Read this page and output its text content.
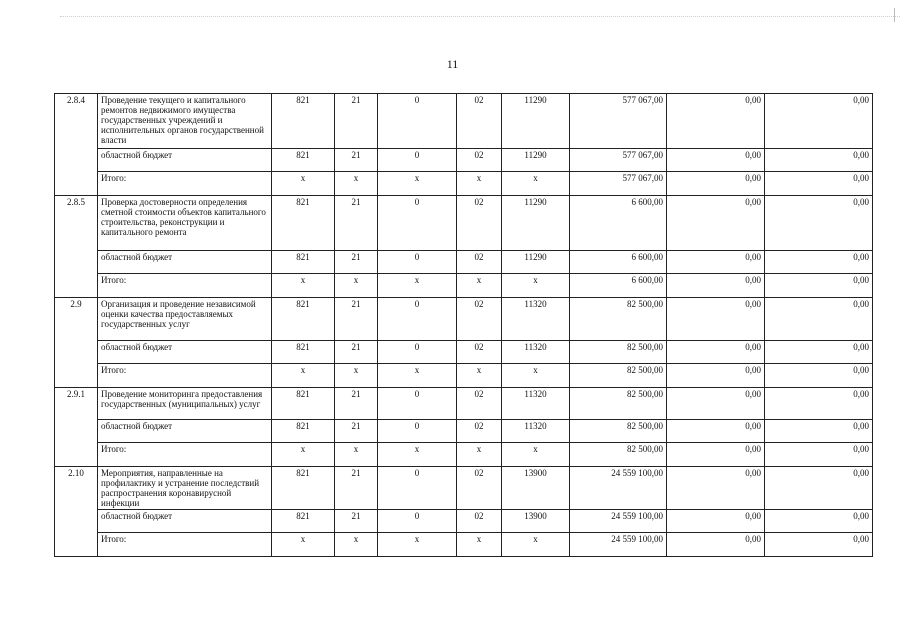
11
2.8.4	Проведение текущего и капитального ремонтов недвижимого имущества государственных учреждений и исполнительных органов государственной власти	821	21	0	02	11290	577 067,00	0,00	0,00
	областной бюджет	821	21	0	02	11290	577 067,00	0,00	0,00
	Итого:	х	х	х	х	х	577 067,00	0,00	0,00
2.8.5	Проверка достоверности определения сметной стоимости объектов капитального строительства, реконструкции и капитального ремонта	821	21	0	02	11290	6 600,00	0,00	0,00
	областной бюджет	821	21	0	02	11290	6 600,00	0,00	0,00
	Итого:	х	х	х	х	х	6 600,00	0,00	0,00
2.9	Организация и проведение независимой оценки качества предоставляемых государственных услуг	821	21	0	02	11320	82 500,00	0,00	0,00
	областной бюджет	821	21	0	02	11320	82 500,00	0,00	0,00
	Итого:	х	х	х	х	х	82 500,00	0,00	0,00
2.9.1	Проведение мониторинга предоставления государственных (муниципальных) услуг	821	21	0	02	11320	82 500,00	0,00	0,00
	областной бюджет	821	21	0	02	11320	82 500,00	0,00	0,00
	Итого:	х	х	х	х	х	82 500,00	0,00	0,00
2.10	Мероприятия, направленные на профилактику и устранение последствий распространения коронавирусной инфекции	821	21	0	02	13900	24 559 100,00	0,00	0,00
	областной бюджет	821	21	0	02	13900	24 559 100,00	0,00	0,00
	Итого:	х	х	х	х	х	24 559 100,00	0,00	0,00
